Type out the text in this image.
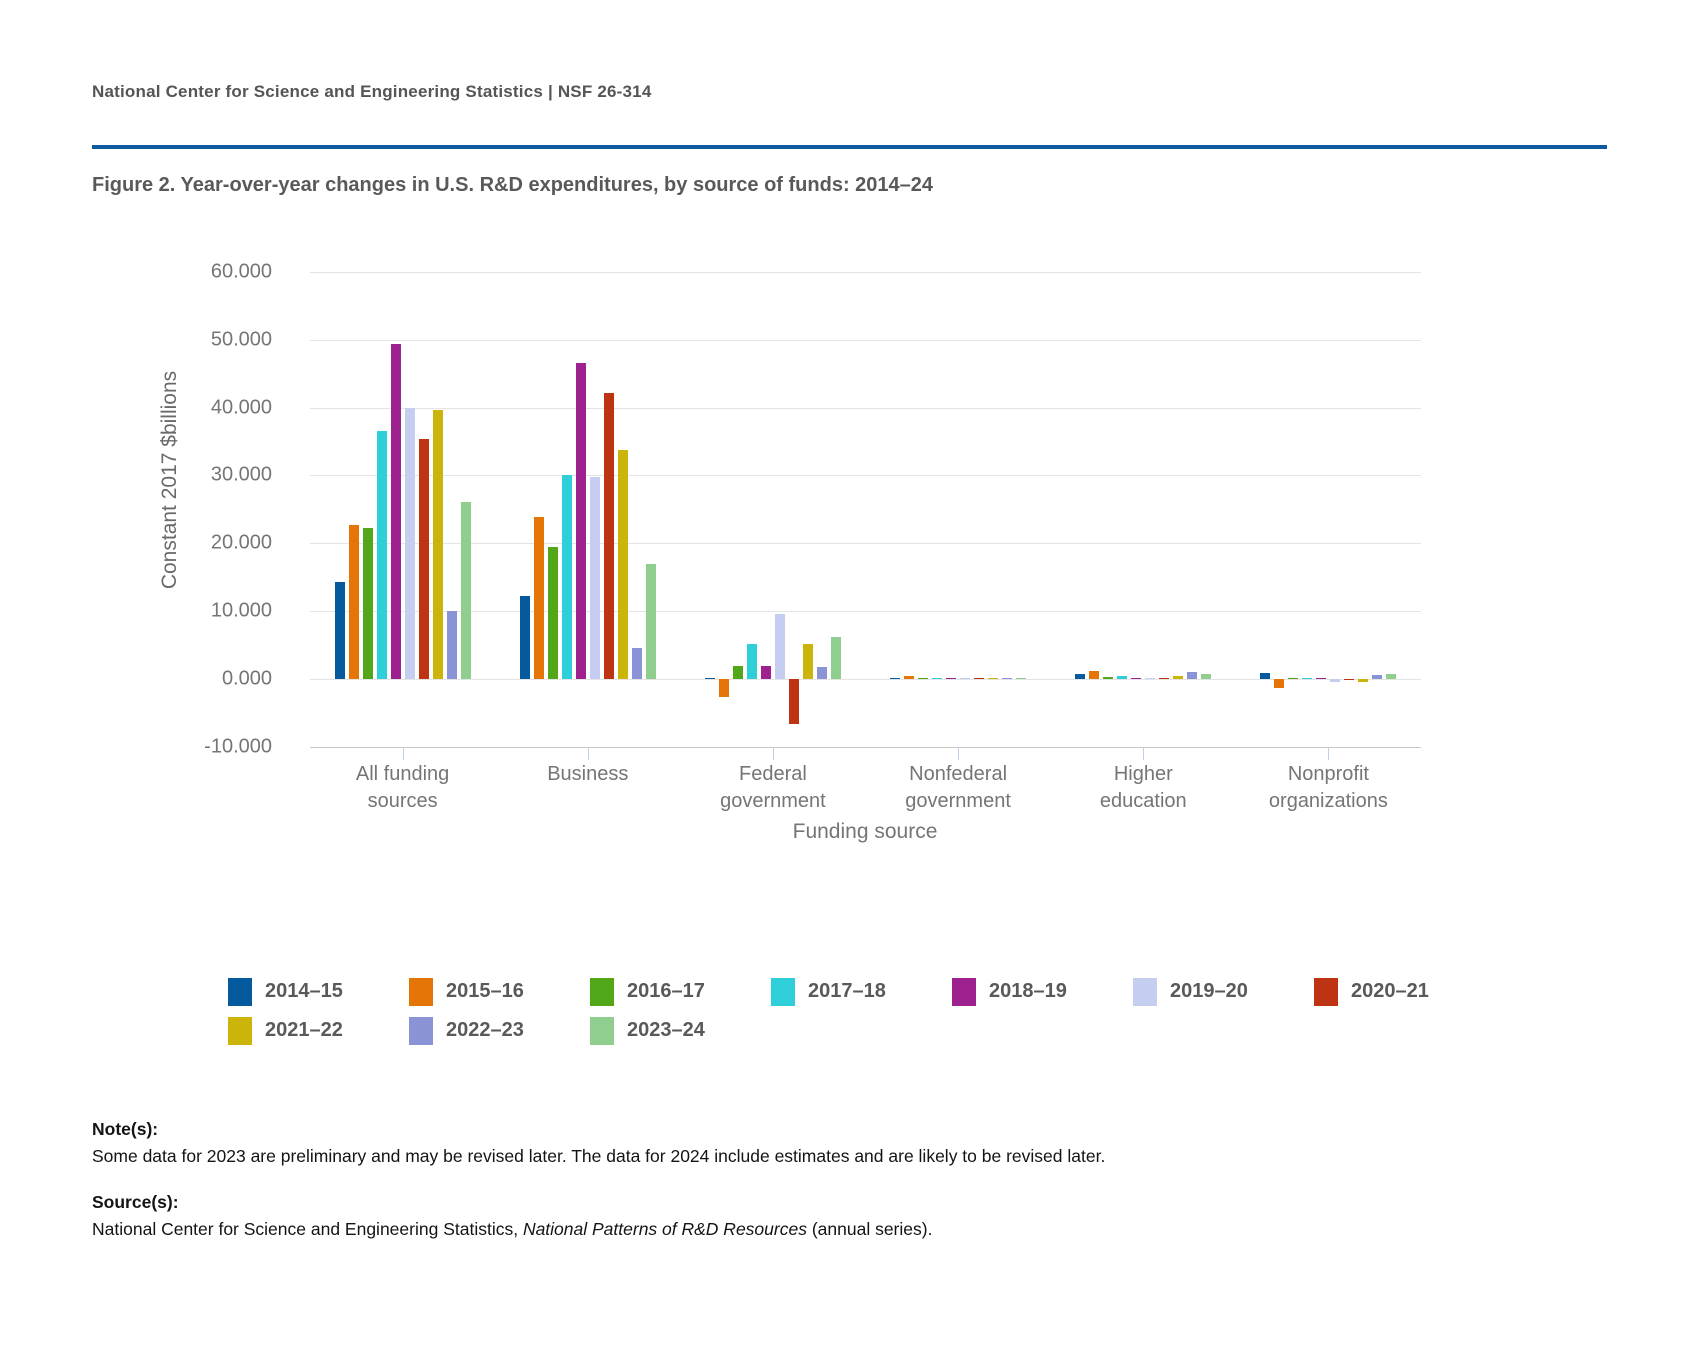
National Center for Science and Engineering Statistics | NSF 26-314
Figure 2. Year-over-year changes in U.S. R&D expenditures, by source of funds: 2014–24
Constant 2017 $billions
Funding source
2014–15	2015–16	2016–17	2017–18	2018–19	2019–20	2020–21
2021–22	2022–23	2023–24
-10.000
0.000
10.000
20.000
30.000
40.000
50.000
60.000
All funding sources
Business	Federal government
Nonfederal government
Higher education
Nonprofit organizations
Note(s):
Some data for 2023 are preliminary and may be revised later. The data for 2024 include estimates and are likely to be revised later.
Source(s):
National Center for Science and Engineering Statistics, National Patterns of R&D Resources (annual series).
